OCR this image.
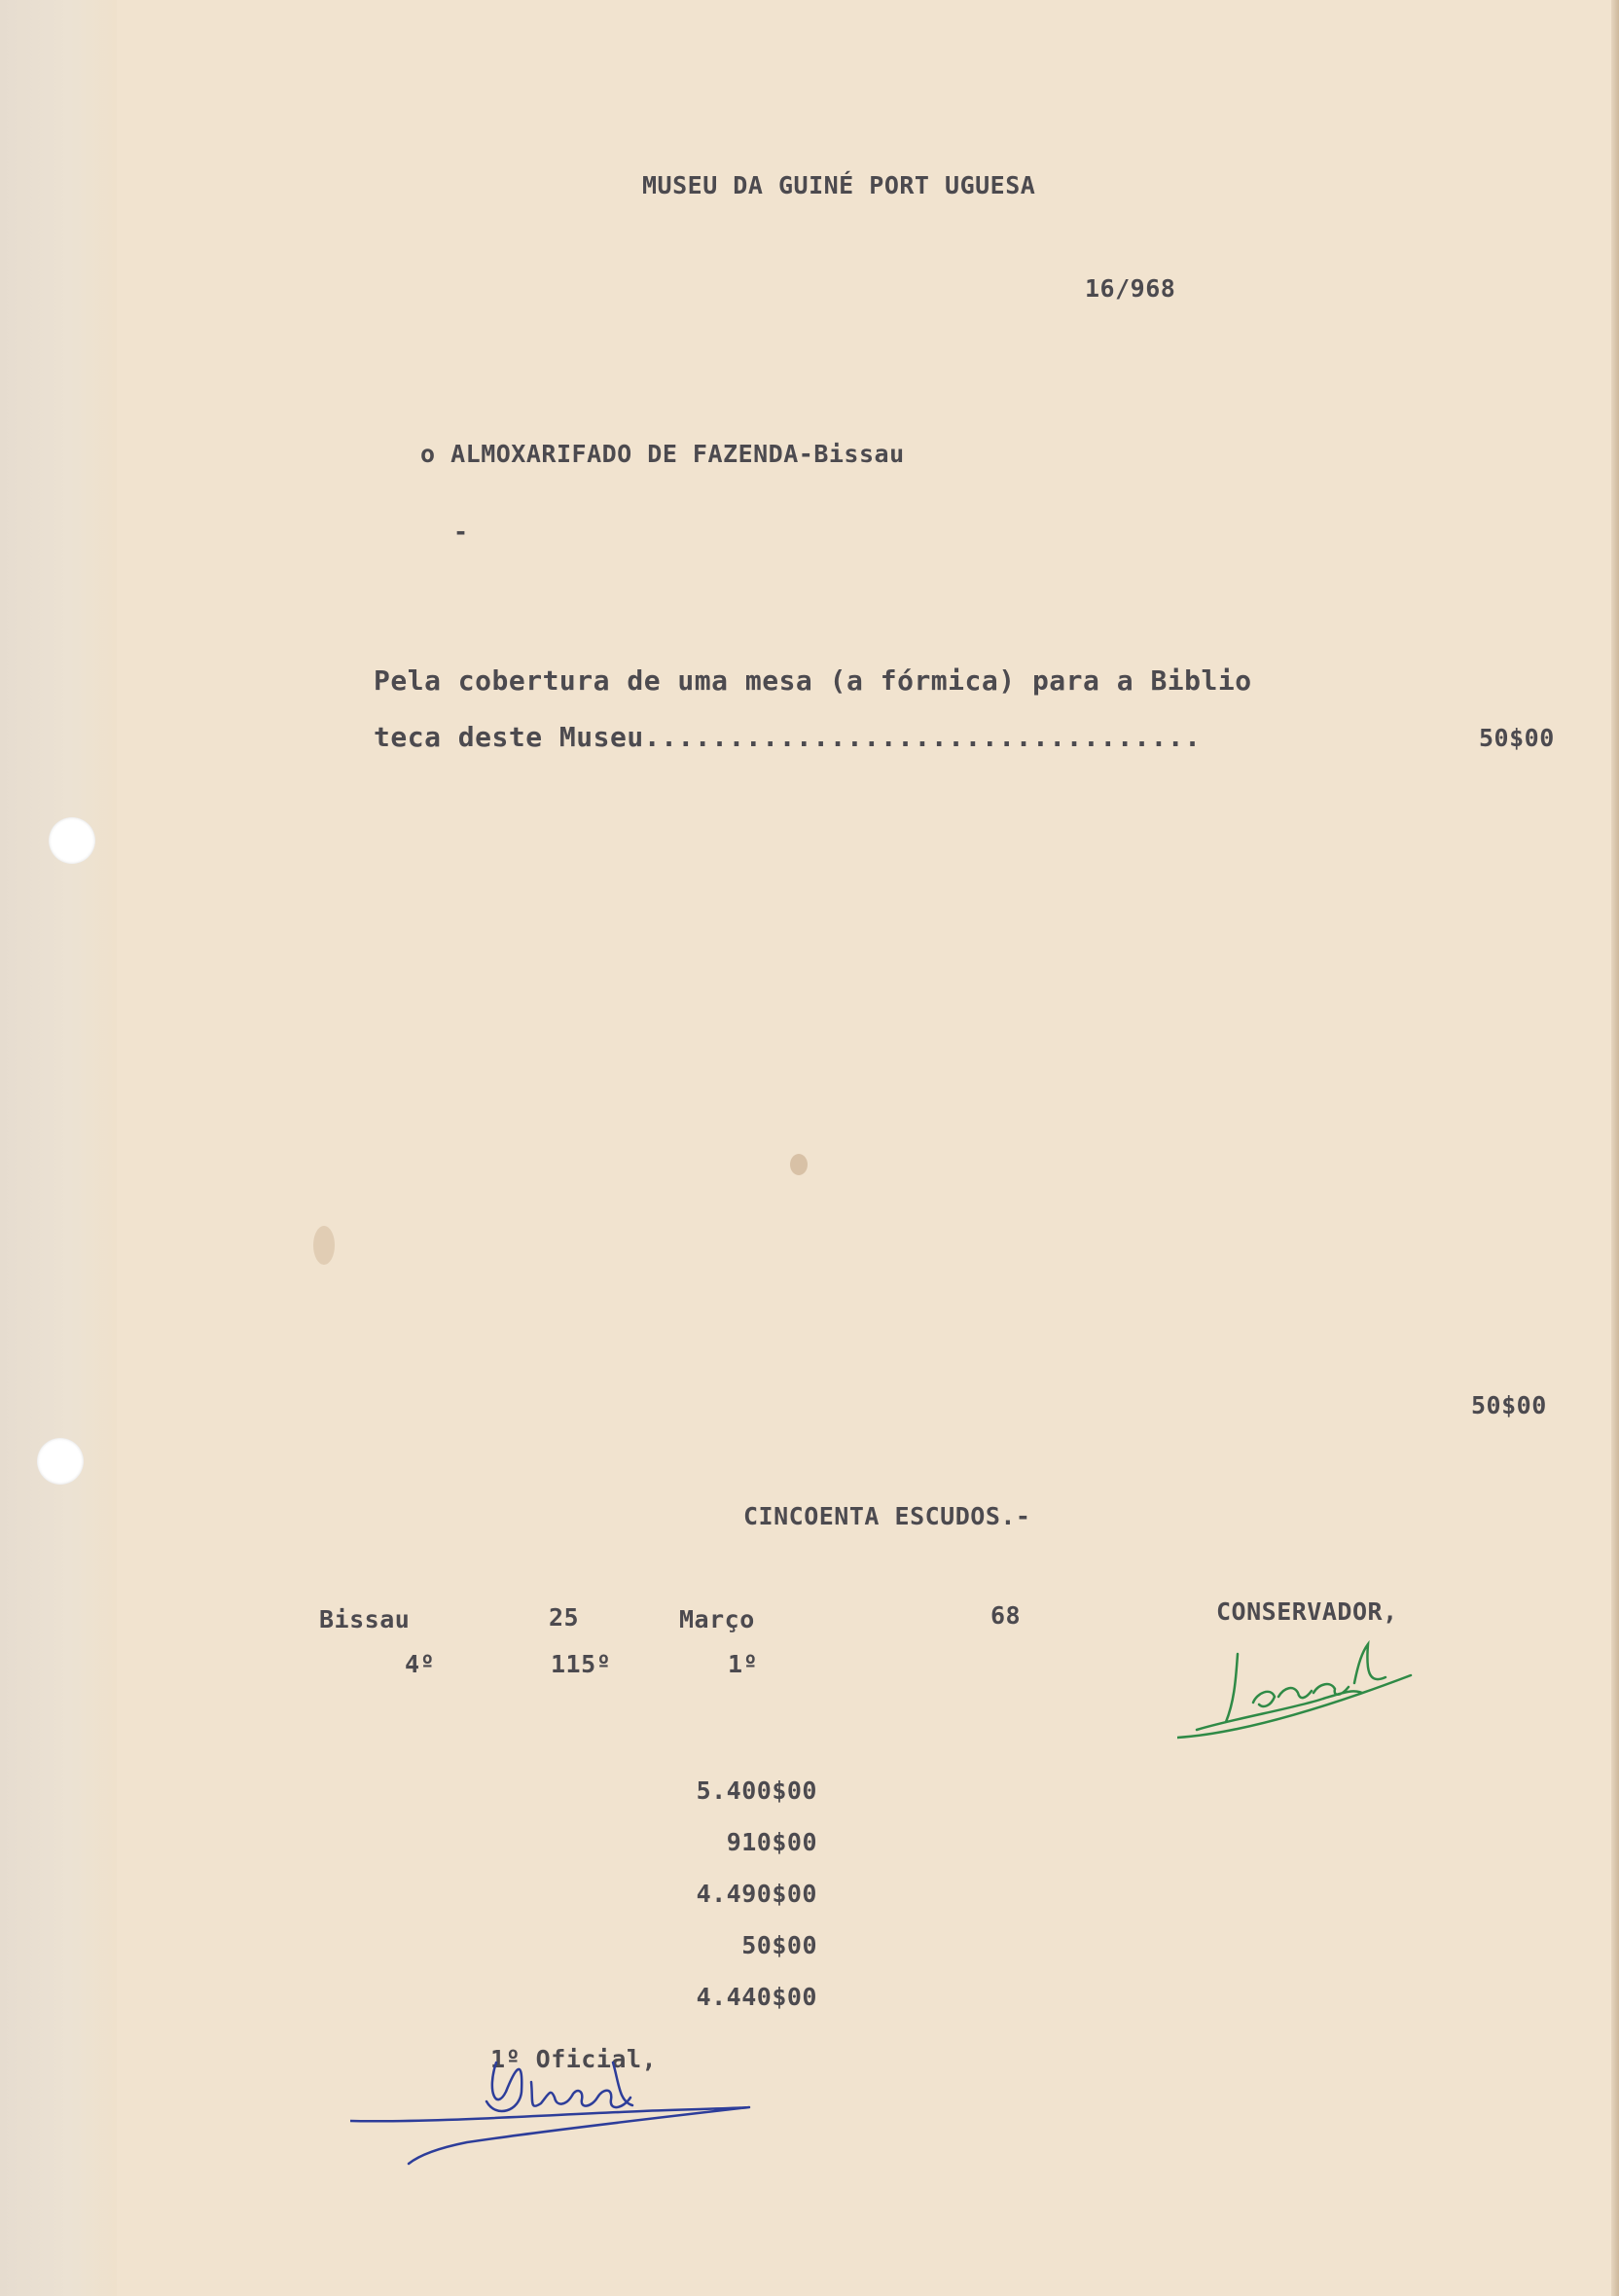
MUSEU DA GUINÉ PORT UGUESA
16/968
o ALMOXARIFADO DE FAZENDA-Bissau
-
Pela cobertura de uma mesa (a fórmica) para a Biblio
teca deste Museu.................................	50$00
50$00
CINCOENTA ESCUDOS.-
Bissau	25	Março	68	CONSERVADOR,
4º	115º	1º
5.400$00
910$00
4.490$00
50$00
4.440$00
1º Oficial,
